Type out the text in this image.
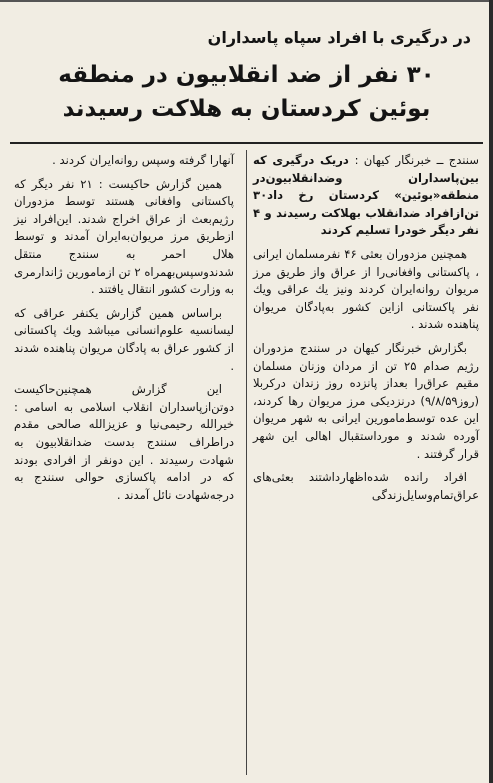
در درگیری با افراد سپاه پاسداران
۳۰ نفر از ضد انقلابیون در منطقه
بوئین کردستان به هلاکت رسیدند

سنندج ــ خبرنگار کیهان : دریک درگیری که‌ بین‌پاسداران وضدانقلابیون‌در منطقه«بوئین» کردستان رخ داد۳۰ تن‌ازافراد ضدانقلاب بهلاکت رسیدند و ۴ نفر دیگر خودرا تسلیم کردند

همچنین مزدوران بعثی ۴۶ نفرمسلمان ایرانی ، پاکستانی وافغانی‌را از عراق واز طریق مرز مریوان روانه‌ایران کردند ونیز یك عراقی ویك نفر پاکستانی ازاین کشور به‌پادگان مریوان پناهنده شدند .

بگزارش خبرنگار کیهان در سنندج مزدوران رژیم صدام ۲۵ تن از مردان وزنان مسلمان مقیم عراق‌را بعداز پانزده روز زندان درکربلا (روز۹/۸/۵۹) درنزدیکی مرز مریوان رها کردند، این عده توسط‌مامورین ایرانی به شهر مریوان آورده شدند و موردا‌ستقبال اهالی این شهر قرار گرفتند .

افراد رانده شده‌اظهارداشتند بعثی‌های عراق‌تمام‌وسایل‌زندگی

آنهارا گرفته وسپس روانه‌ایران کردند .

همین گزارش حاکیست : ۲۱ نفر دیگر که پاکستانی وافغانی هستند توسط مزدوران رژیم‌بعث از عراق اخراج شدند. این‌افراد نیز ازطریق مرز مریوان‌به‌ایران آمدند و توسط هلال احمر به سنندج منتقل شدندوسپس‌بهمراه ۲ تن ازمامورین ژاندارمری به وزارت کشور انتقال یافتند .

براساس همین گزارش یکنفر عراقی که لیسانسیه علوم‌انسانی میباشد ویك پاکستانی از کشور عراق به پادگان مریوان پناهنده شدند .

این گزارش همچنین‌حاکیست دوتن‌ازپاسداران انقلاب اسلامی به اسامی : خیرالله رحیمی‌نیا و عزیزالله صالحی مقدم دراطراف سنندج بدست ضدانقلابیون به شهادت رسیدند . این دونفر از افرادی بودند که در ادامه پاکسازی حوالی سنندج به درجه‌شهادت نائل آمدند .
